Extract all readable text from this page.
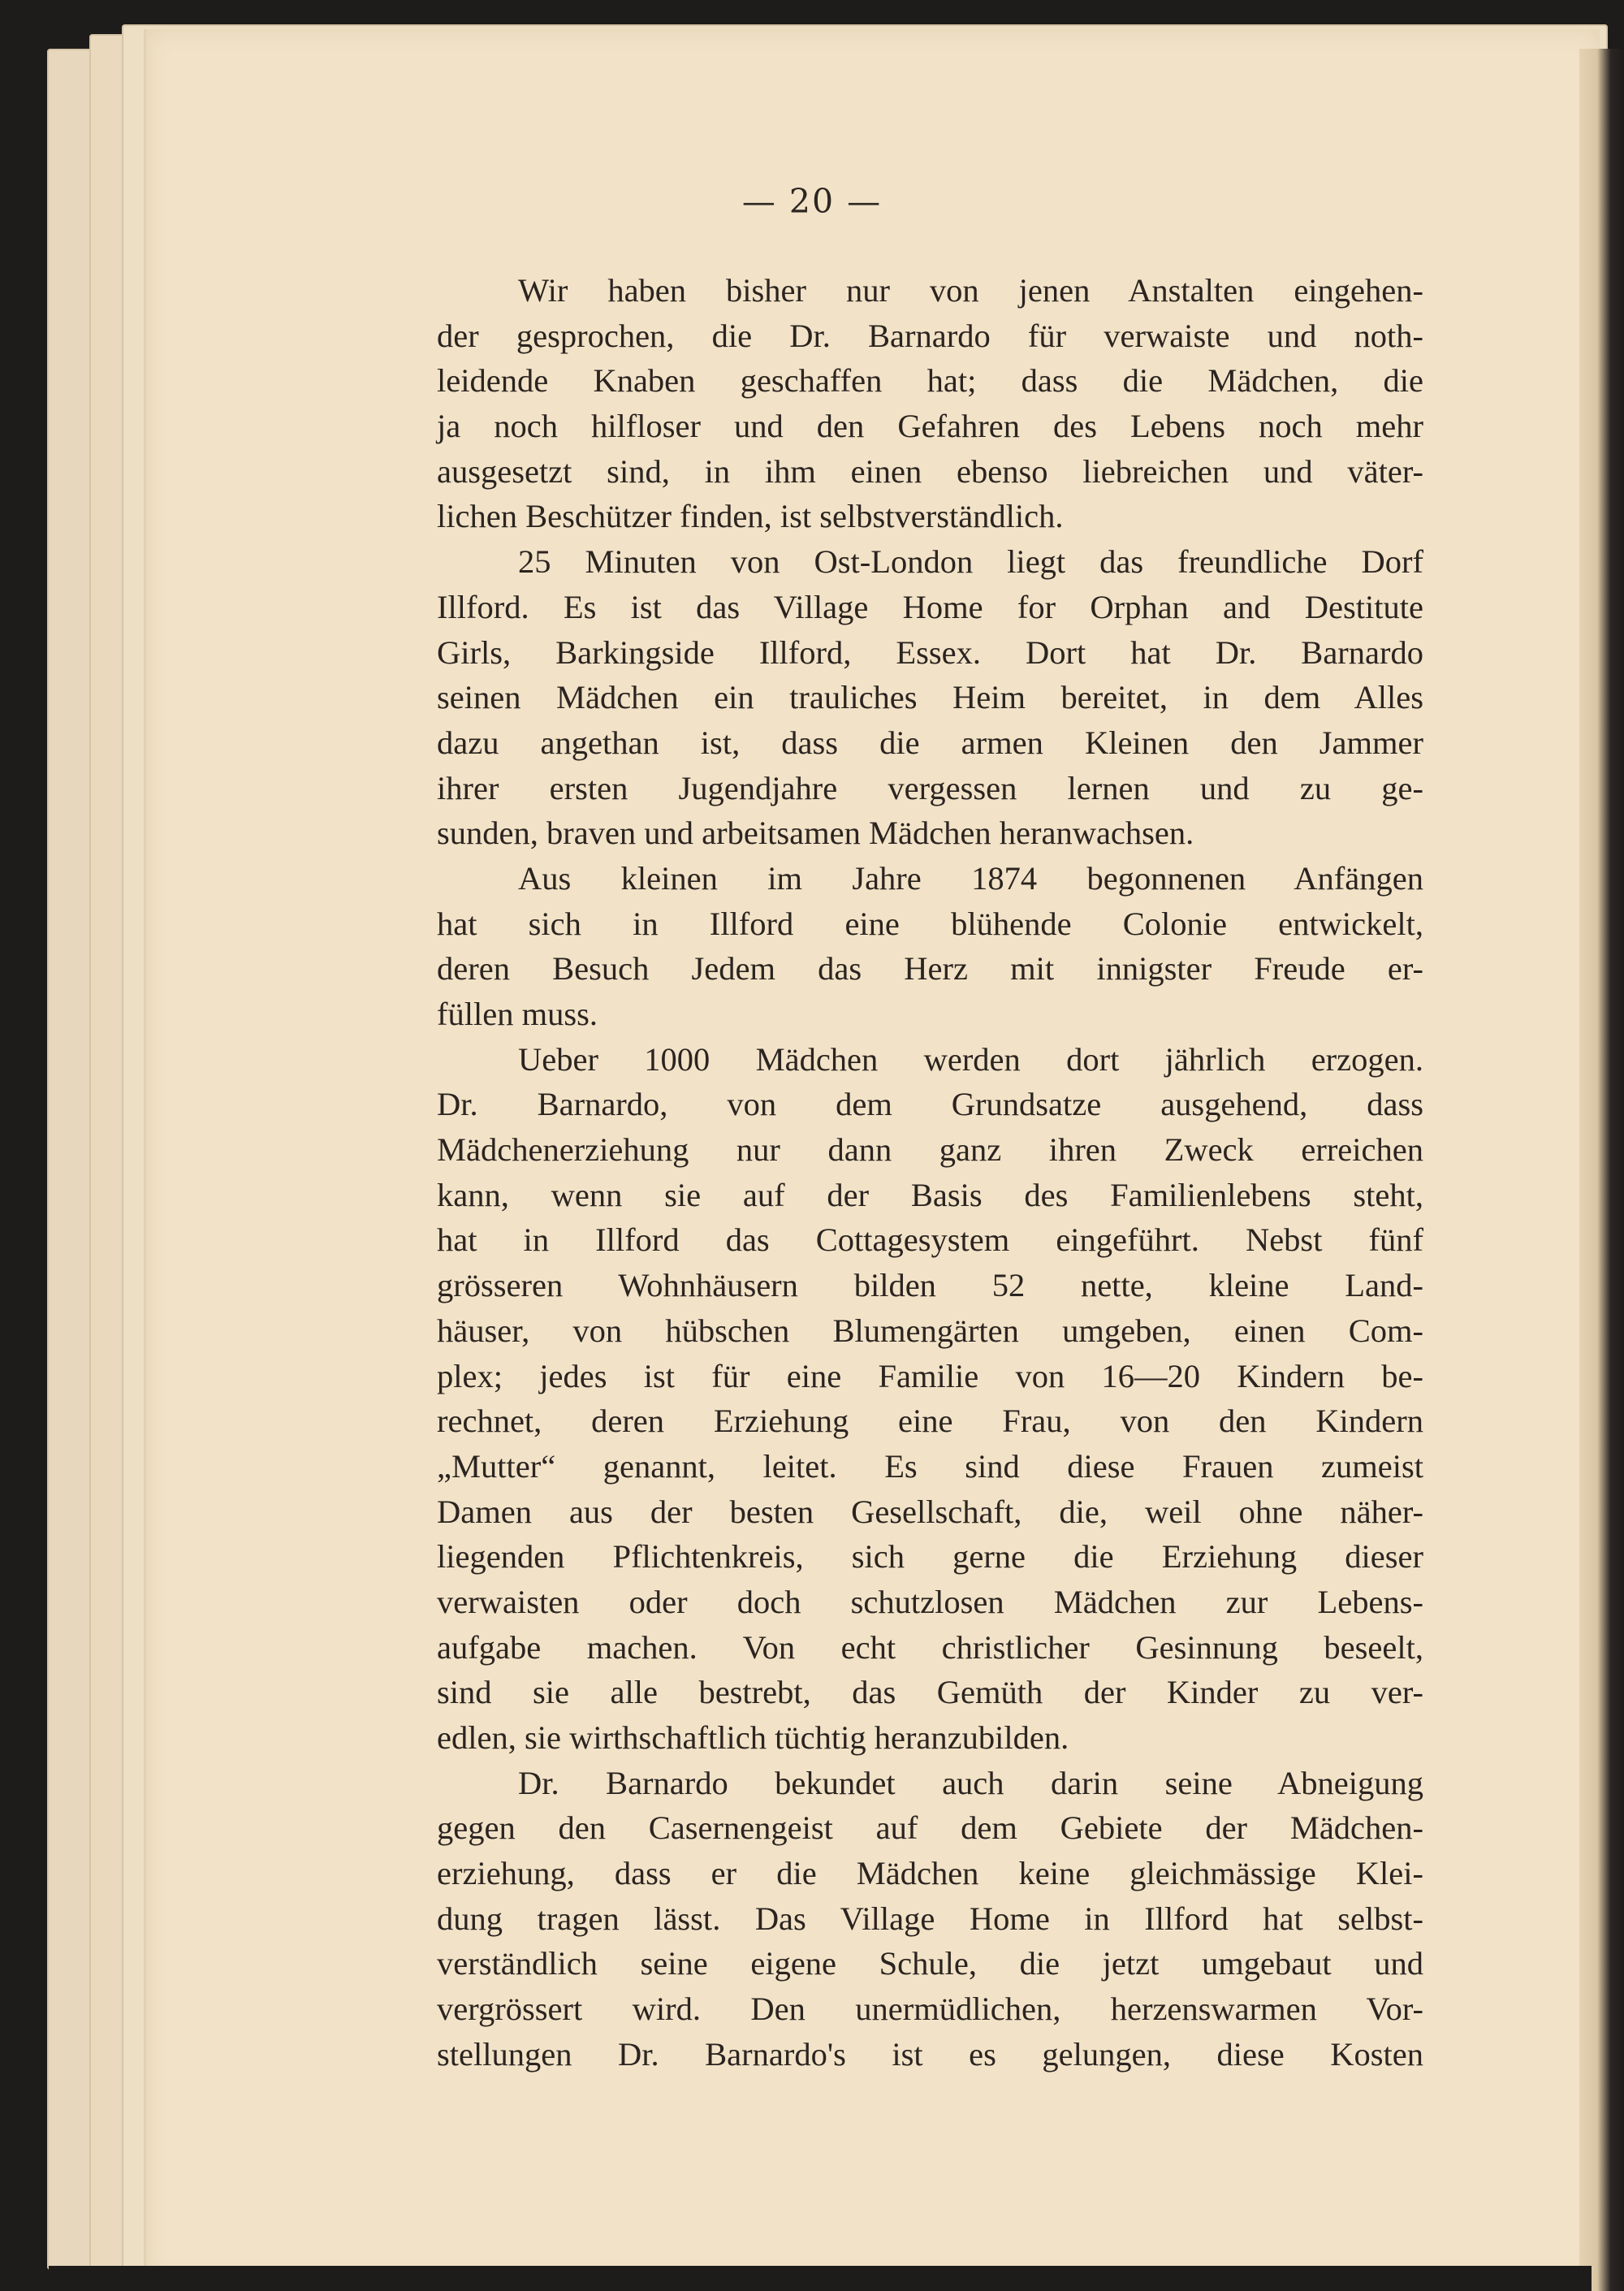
— 20 —
Wir haben bisher nur von jenen Anstalten eingehen-
der gesprochen, die Dr. Barnardo für verwaiste und noth-
leidende Knaben geschaffen hat; dass die Mädchen, die
ja noch hilfloser und den Gefahren des Lebens noch mehr
ausgesetzt sind, in ihm einen ebenso liebreichen und väter-
lichen Beschützer finden, ist selbstverständlich.
25 Minuten von Ost-London liegt das freundliche Dorf
Illford. Es ist das Village Home for Orphan and Destitute
Girls, Barkingside Illford, Essex. Dort hat Dr. Barnardo
seinen Mädchen ein trauliches Heim bereitet, in dem Alles
dazu angethan ist, dass die armen Kleinen den Jammer
ihrer ersten Jugendjahre vergessen lernen und zu ge-
sunden, braven und arbeitsamen Mädchen heranwachsen.
Aus kleinen im Jahre 1874 begonnenen Anfängen
hat sich in Illford eine blühende Colonie entwickelt,
deren Besuch Jedem das Herz mit innigster Freude er-
füllen muss.
Ueber 1000 Mädchen werden dort jährlich erzogen.
Dr. Barnardo, von dem Grundsatze ausgehend, dass
Mädchenerziehung nur dann ganz ihren Zweck erreichen
kann, wenn sie auf der Basis des Familienlebens steht,
hat in Illford das Cottagesystem eingeführt. Nebst fünf
grösseren Wohnhäusern bilden 52 nette, kleine Land-
häuser, von hübschen Blumengärten umgeben, einen Com-
plex; jedes ist für eine Familie von 16—20 Kindern be-
rechnet, deren Erziehung eine Frau, von den Kindern
„Mutter“ genannt, leitet. Es sind diese Frauen zumeist
Damen aus der besten Gesellschaft, die, weil ohne näher-
liegenden Pflichtenkreis, sich gerne die Erziehung dieser
verwaisten oder doch schutzlosen Mädchen zur Lebens-
aufgabe machen. Von echt christlicher Gesinnung beseelt,
sind sie alle bestrebt, das Gemüth der Kinder zu ver-
edlen, sie wirthschaftlich tüchtig heranzubilden.
Dr. Barnardo bekundet auch darin seine Abneigung
gegen den Casernengeist auf dem Gebiete der Mädchen-
erziehung, dass er die Mädchen keine gleichmässige Klei-
dung tragen lässt. Das Village Home in Illford hat selbst-
verständlich seine eigene Schule, die jetzt umgebaut und
vergrössert wird. Den unermüdlichen, herzenswarmen Vor-
stellungen Dr. Barnardo's ist es gelungen, diese Kosten
